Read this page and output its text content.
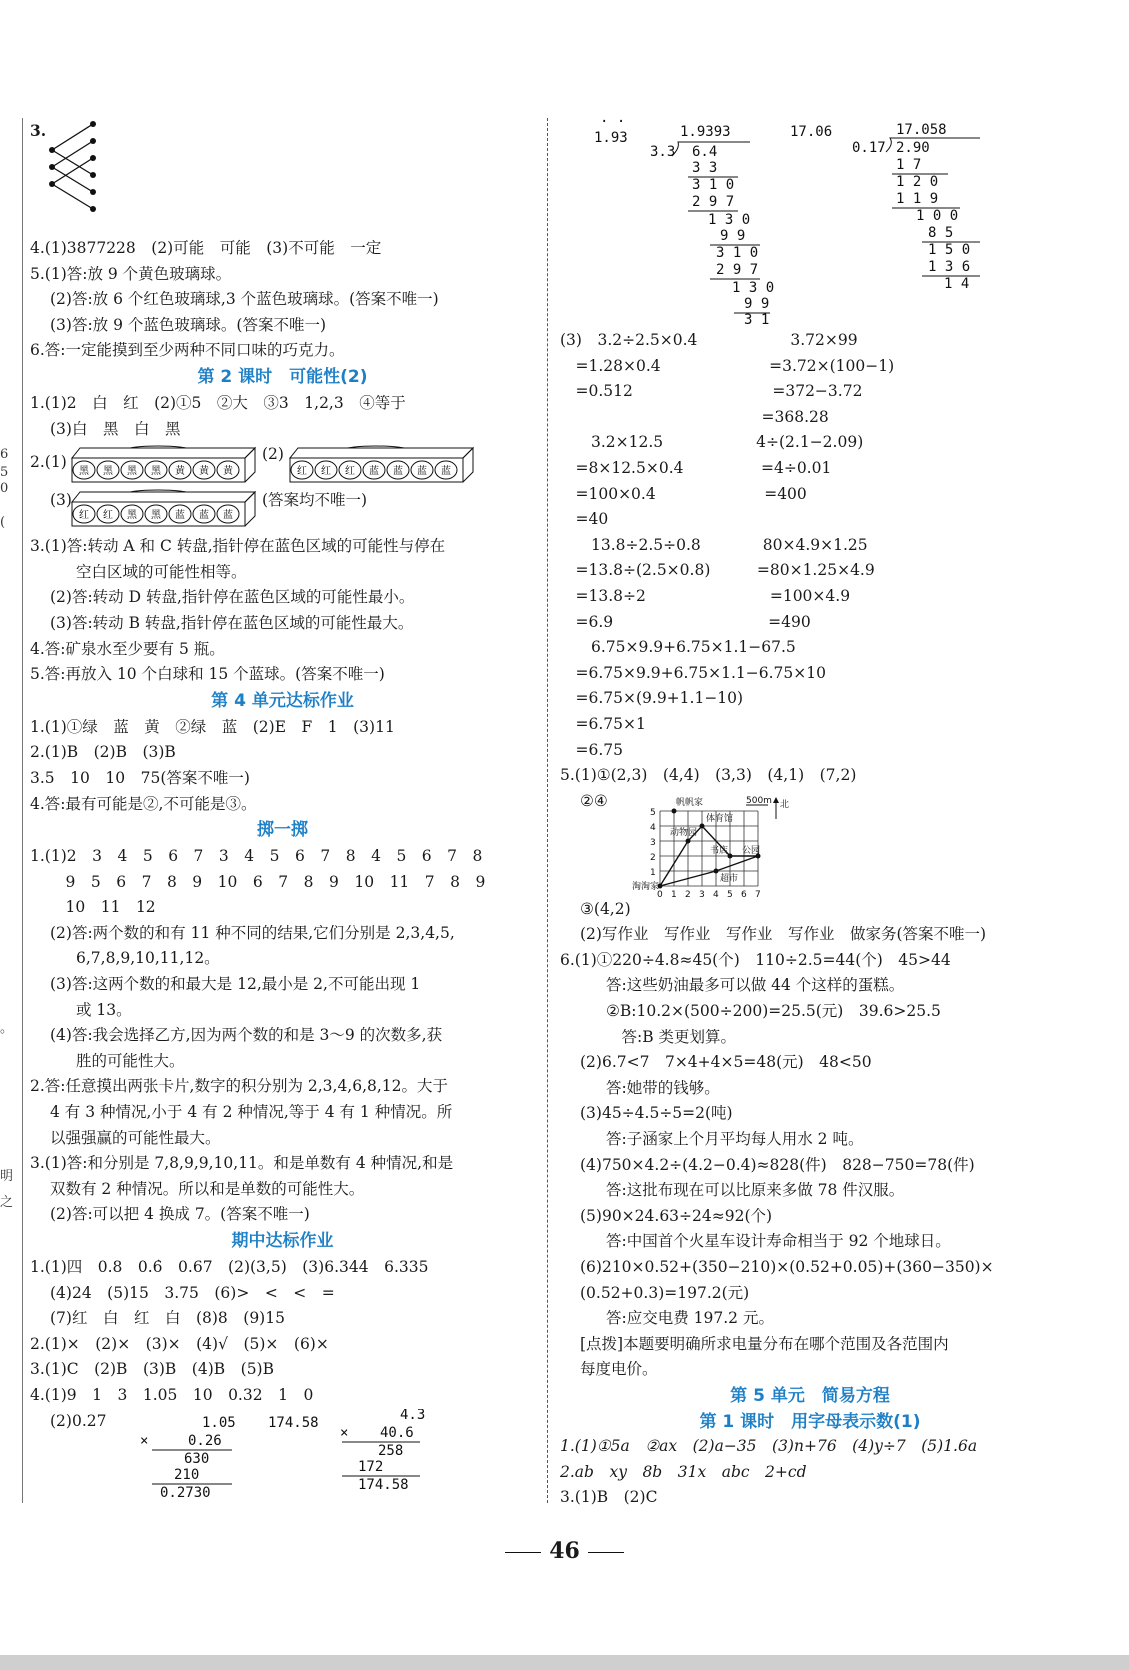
6
5
0
(
。
明
之
3.
4.(1)3877228　(2)可能　可能　(3)不可能　一定
5.(1)答:放 9 个黄色玻璃球。
(2)答:放 6 个红色玻璃球,3 个蓝色玻璃球。(答案不唯一)
(3)答:放 9 个蓝色玻璃球。(答案不唯一)
6.答:一定能摸到至少两种不同口味的巧克力。
第 2 课时　可能性(2)
1.(1)2　白　红　(2)①5　②大　③3　1,2,3　④等于
(3)白　黑　白　黑
2.(1)
黑 黑 黑 黑 黄 黄 黄
(2)
红 红 红 蓝 蓝 蓝 蓝
(3)
红 红 黑 黑 蓝 蓝 蓝
(答案均不唯一)
3.(1)答:转动 A 和 C 转盘,指针停在蓝色区域的可能性与停在
空白区域的可能性相等。
(2)答:转动 D 转盘,指针停在蓝色区域的可能性最小。
(3)答:转动 B 转盘,指针停在蓝色区域的可能性最大。
4.答:矿泉水至少要有 5 瓶。
5.答:再放入 10 个白球和 15 个蓝球。(答案不唯一)
第 4 单元达标作业
1.(1)①绿　蓝　黄　②绿　蓝　(2)E　F　1　(3)11
2.(1)B　(2)B　(3)B
3.5　10　10　75(答案不唯一)
4.答:最有可能是②,不可能是③。
掷一掷
1.(1)2　3　4　5　6　7　3　4　5　6　7　8　4　5　6　7　8
　9　5　6　7　8　9　10　6　7　8　9　10　11　7　8　9
　10　11　12
(2)答:两个数的和有 11 种不同的结果,它们分别是 2,3,4,5,
6,7,8,9,10,11,12。
(3)答:这两个数的和最大是 12,最小是 2,不可能出现 1
或 13。
(4)答:我会选择乙方,因为两个数的和是 3～9 的次数多,获
胜的可能性大。
2.答:任意摸出两张卡片,数字的积分别为 2,3,4,6,8,12。大于
4 有 3 种情况,小于 4 有 2 种情况,等于 4 有 1 种情况。所
以强强赢的可能性最大。
3.(1)答:和分别是 7,8,9,9,10,11。和是单数有 4 种情况,和是
双数有 2 种情况。所以和是单数的可能性大。
(2)答:可以把 4 换成 7。(答案不唯一)
期中达标作业
1.(1)四　0.8　0.6̇　0.67　(2)(3,5)　(3)6.344　6.335
(4)24　(5)15　3.75　(6)>　<　<　=
(7)红　白　红　白　(8)8　(9)15
2.(1)×　(2)×　(3)×　(4)√　(5)×　(6)×
3.(1)C　(2)B　(3)B　(4)B　(5)B
4.(1)9　1　3　1.05　10　0.32　1　0
(2)0.27	1.05 174.58
×	0.26
630
210
0.2730
4.3
× 40.6
258
172
174.58
1.93
· ·
1.9393	17.06
3.3 6.4
3 3
3 1 0
2 9 7
1 3 0
9 9
3 1 0
2 9 7
1 3 0
9 9
3 1
17.058
0.17 2.90
1 7
1 2 0
1 1 9
1 0 0
8 5
1 5 0
1 3 6
1 4
(3)　3.2÷2.5×0.4　　　　　　3.72×99
　=1.28×0.4　　　　　　　=3.72×(100−1)
　=0.512　　　　　　　　　=372−3.72
　　　　　　　　　　　　　=368.28
　　3.2×12.5　　　　　　4÷(2.1−2.09)
　=8×12.5×0.4　　　　　=4÷0.01
　=100×0.4　　　　　　　=400
　=40
　　13.8÷2.5÷0.8　　　　80×4.9×1.25
　=13.8÷(2.5×0.8)　　　=80×1.25×4.9
　=13.8÷2　　　　　　　　=100×4.9
　=6.9　　　　　　　　　　=490
　　6.75×9.9+6.75×1.1−67.5
　=6.75×9.9+6.75×1.1−6.75×10
　=6.75×(9.9+1.1−10)
　=6.75×1
　=6.75
5.(1)①(2,3)　(4,4)　(3,3)　(4,1)　(7,2)
②④
5
4
3
2
1
0 1 2 3 4 5 6 7
帆帆家
动物园
体育馆
书店 公园
超市
淘淘家
500m 北
③(4,2)
(2)写作业　写作业　写作业　写作业　做家务(答案不唯一)
6.(1)①220÷4.8≈45(个)　110÷2.5=44(个)　45>44
答:这些奶油最多可以做 44 个这样的蛋糕。
②B:10.2×(500÷200)=25.5(元)　39.6>25.5
　答:B 类更划算。
(2)6.7<7　7×4+4×5=48(元)　48<50
答:她带的钱够。
(3)45÷4.5÷5=2(吨)
答:子涵家上个月平均每人用水 2 吨。
(4)750×4.2÷(4.2−0.4)≈828(件)　828−750=78(件)
答:这批布现在可以比原来多做 78 件汉服。
(5)90×24.63÷24≈92(个)
答:中国首个火星车设计寿命相当于 92 个地球日。
(6)210×0.52+(350−210)×(0.52+0.05)+(360−350)×
(0.52+0.3)=197.2(元)
答:应交电费 197.2 元。
[点拨]本题要明确所求电量分布在哪个范围及各范围内
每度电价。
第 5 单元　简易方程
第 1 课时　用字母表示数(1)
1.(1)①5a　②ax　(2)a−35　(3)n+76　(4)y÷7　(5)1.6a
2.ab　xy　8b　31x　abc　2+cd
3.(1)B　(2)C
46
